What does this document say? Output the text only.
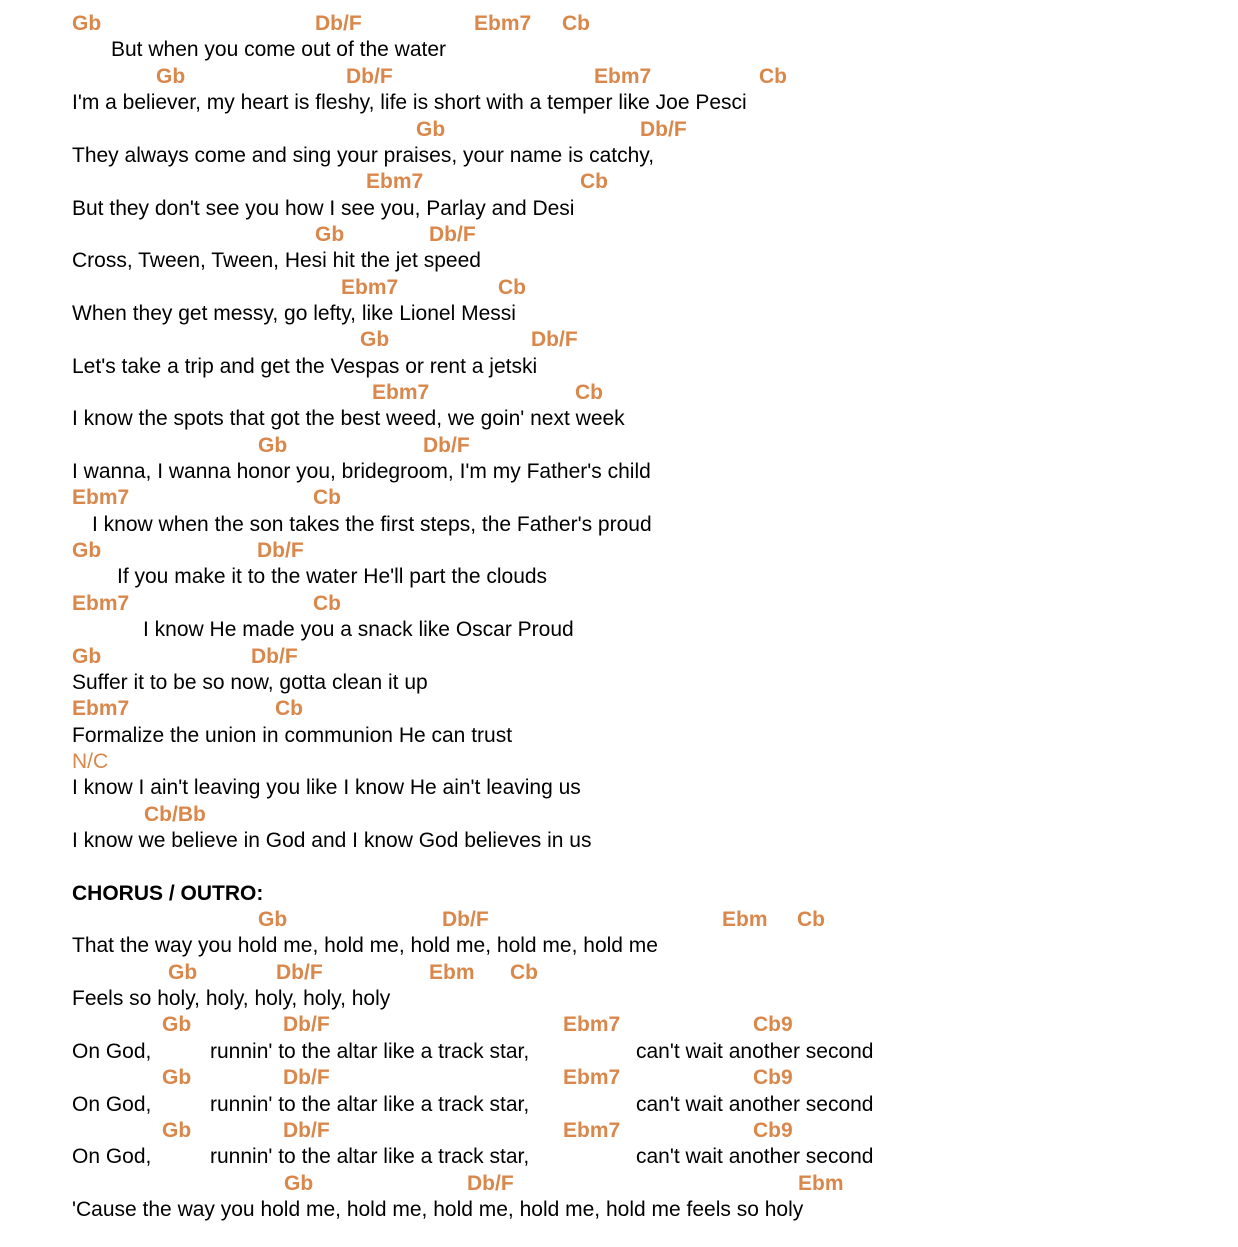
Gb	Db/F	Ebm7 Cb
But when you come out of the water
Gb	Db/F	Ebm7	Cb
I'm a believer, my heart is fleshy, life is short with a temper like Joe Pesci
Gb	Db/F
They always come and sing your praises, your name is catchy,
Ebm7	Cb
But they don't see you how I see you, Parlay and Desi
Gb	Db/F
Cross, Tween, Tween, Hesi hit the jet speed
Ebm7	Cb
When they get messy, go lefty, like Lionel Messi
Gb	Db/F
Let's take a trip and get the Vespas or rent a jetski
Ebm7	Cb
I know the spots that got the best weed, we goin' next week
Gb	Db/F
I wanna, I wanna honor you, bridegroom, I'm my Father's child
Ebm7	Cb
I know when the son takes the first steps, the Father's proud
Gb	Db/F
If you make it to the water He'll part the clouds
Ebm7	Cb
I know He made you a snack like Oscar Proud
Gb	Db/F
Suffer it to be so now, gotta clean it up
Ebm7	Cb
Formalize the union in communion He can trust
N/C
I know I ain't leaving you like I know He ain't leaving us
Cb/Bb
I know we believe in God and I know God believes in us
CHORUS / OUTRO:
Gb	Db/F	Ebm Cb
That the way you hold me, hold me, hold me, hold me, hold me
Gb	Db/F	Ebm Cb
Feels so holy, holy, holy, holy, holy
Gb	Db/F	Ebm7	Cb9
On God,	runnin' to the altar like a track star,	can't wait another second
Gb	Db/F	Ebm7	Cb9
On God,	runnin' to the altar like a track star,	can't wait another second
Gb	Db/F	Ebm7	Cb9
On God,	runnin' to the altar like a track star,	can't wait another second
Gb	Db/F	Ebm
'Cause the way you hold me, hold me, hold me, hold me, hold me feels so holy
